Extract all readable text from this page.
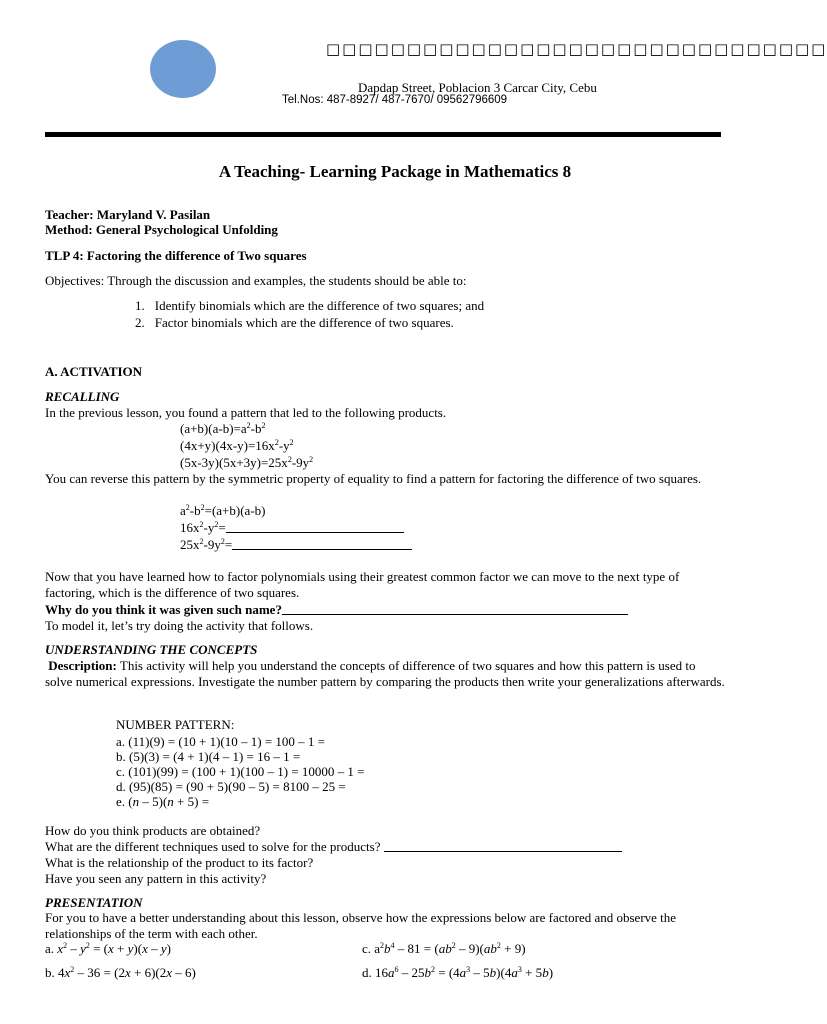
□□□□□□□□□□□□□□□□□□□□□□□□□□□□□□□
Dapdap Street, Poblacion 3 Carcar City, Cebu
Tel.Nos: 487-8927/ 487-7670/ 09562796609
A Teaching- Learning Package in Mathematics 8
Teacher: Maryland V. Pasilan
Method: General Psychological Unfolding
TLP 4: Factoring the difference of Two squares
Objectives: Through the discussion and examples, the students should be able to:
1. Identify binomials which are the difference of two squares; and
2. Factor binomials which are the difference of two squares.
A. ACTIVATION
RECALLING
In the previous lesson, you found a pattern that led to the following products.
$(a+b)(a-b)=a^2-b^2$
$(4x+y)(4x-y)=16x^2-y^2$
$(5x-3y)(5x+3y)=25x^2-9y^2$
You can reverse this pattern by the symmetric property of equality to find a pattern for factoring the difference of two squares.
$a^2-b^2=(a+b)(a-b)$
$16x^2-y^2=$
$25x^2-9y^2=$
Now that you have learned how to factor polynomials using their greatest common factor we can move to the next type of factoring, which is the difference of two squares.
Why do you think it was given such name?
To model it, let’s try doing the activity that follows.
UNDERSTANDING THE CONCEPTS
Description: This activity will help you understand the concepts of difference of two squares and how this pattern is used to solve numerical expressions. Investigate the number pattern by comparing the products then write your generalizations afterwards.
NUMBER PATTERN:
a. (11)(9) = (10 + 1)(10 – 1) = 100 – 1 =
b. (5)(3) = (4 + 1)(4 – 1) = 16 – 1 =
c. (101)(99) = (100 + 1)(100 – 1) = 10000 – 1 =
d. (95)(85) = (90 + 5)(90 – 5) = 8100 – 25 =
e. (n – 5)(n + 5) =
How do you think products are obtained?
What are the different techniques used to solve for the products?
What is the relationship of the product to its factor?
Have you seen any pattern in this activity?
PRESENTATION
For you to have a better understanding about this lesson, observe how the expressions below are factored and observe the relationships of the term with each other.
a. $x^2 - y^2 = (x + y)(x - y)$	c. $a^2b^4 - 81 = (ab^2 - 9)(ab^2 + 9)$
b. $4x^2 - 36 = (2x + 6)(2x - 6)$	d. $16a^6 - 25b^2 = (4a^3 - 5b)(4a^3 + 5b)$
